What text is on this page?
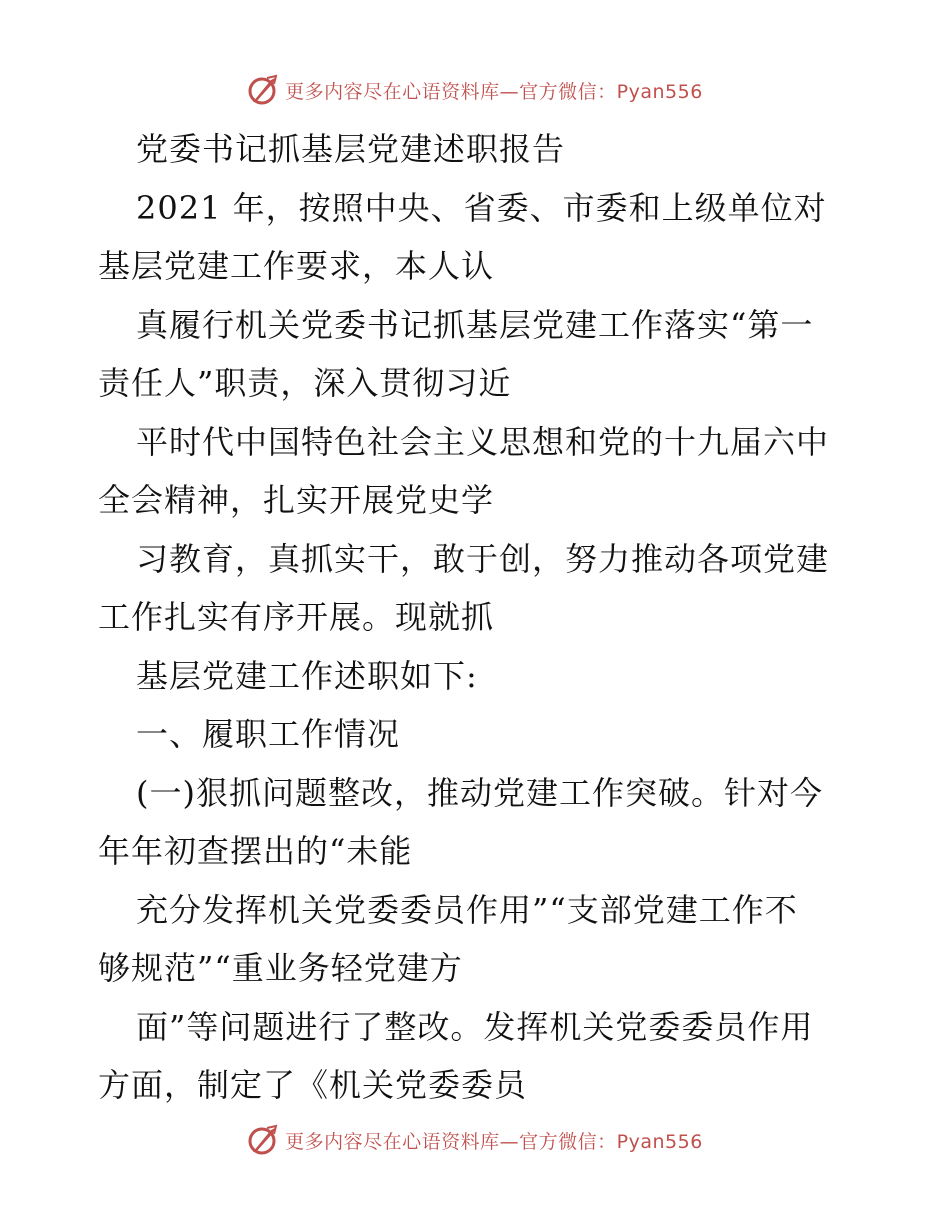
更多内容尽在心语资料库—官方微信：Pyan556
党委书记抓基层党建述职报告
2021 年，按照中央、省委、市委和上级单位对
基层党建工作要求，本人认
真履行机关党委书记抓基层党建工作落实“第一
责任人”职责，深入贯彻习近
平时代中国特色社会主义思想和党的十九届六中
全会精神，扎实开展党史学
习教育，真抓实干，敢于创，努力推动各项党建
工作扎实有序开展。现就抓
基层党建工作述职如下:
一、履职工作情况
(一)狠抓问题整改，推动党建工作突破。针对今
年年初查摆出的“未能
充分发挥机关党委委员作用”“支部党建工作不
够规范”“重业务轻党建方
面”等问题进行了整改。发挥机关党委委员作用
方面，制定了《机关党委委员
更多内容尽在心语资料库—官方微信：Pyan556
